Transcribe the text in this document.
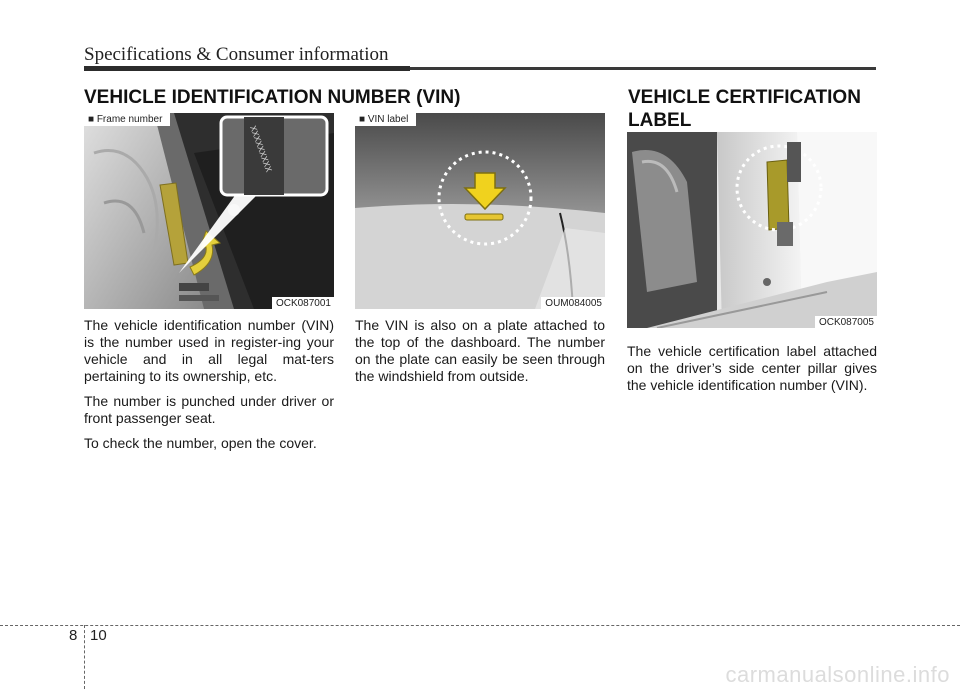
Specifications & Consumer information
VEHICLE IDENTIFICATION NUMBER (VIN)	VEHICLE CERTIFICATION
LABEL
XXXXXXXXX
■ Frame number
OCK087001
■ VIN label
OUM084005
OCK087005

The vehicle identification number (VIN) is the number used in register-ing your vehicle and in all legal mat-ters pertaining to its ownership, etc.

The number is punched under driver or front passenger seat.

To check the number, open the cover.

The VIN is also on a plate attached to the top of the dashboard. The number on the plate can easily be seen through the windshield from outside.

The vehicle certification label attached on the driver’s side center pillar gives the vehicle identification number (VIN).

8 10
carmanualsonline.info
